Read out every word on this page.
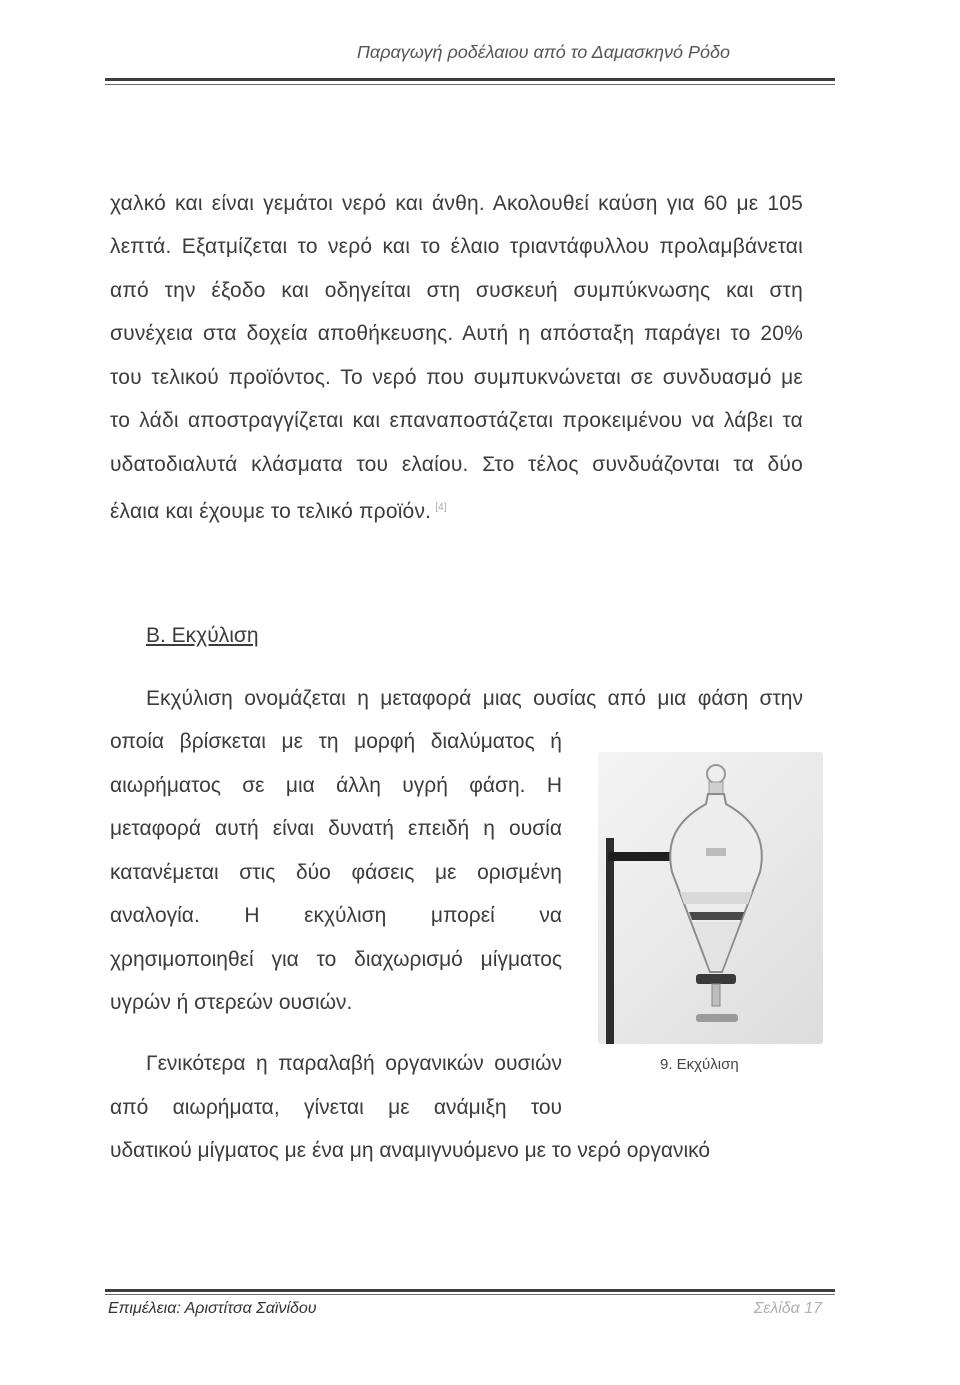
Παραγωγή ροδέλαιου από το Δαμασκηνό Ρόδο
χαλκό και είναι γεμάτοι νερό και άνθη. Ακολουθεί καύση για 60 με 105
λεπτά. Εξατμίζεται το νερό και το έλαιο τριαντάφυλλου προλαμβάνεται
από την έξοδο και οδηγείται στη συσκευή συμπύκνωσης και στη
συνέχεια στα δοχεία αποθήκευσης. Αυτή η απόσταξη παράγει το 20%
του τελικού προϊόντος. Το νερό που συμπυκνώνεται σε συνδυασμό με
το λάδι αποστραγγίζεται και επαναποστάζεται προκειμένου να λάβει τα
υδατοδιαλυτά κλάσματα του ελαίου. Στο τέλος συνδυάζονται τα δύο
έλαια και έχουμε το τελικό προϊόν. [4]
Β. Εκχύλιση
Εκχύλιση ονομάζεται η μεταφορά μιας ουσίας από μια φάση στην
οποία βρίσκεται με τη μορφή διαλύματος ή
αιωρήματος σε μια άλλη υγρή φάση. Η
μεταφορά αυτή είναι δυνατή επειδή η ουσία
κατανέμεται στις δύο φάσεις με ορισμένη
αναλογία. Η εκχύλιση μπορεί να
χρησιμοποιηθεί για το διαχωρισμό μίγματος
υγρών ή στερεών ουσιών.
9. Εκχύλιση
Γενικότερα η παραλαβή οργανικών ουσιών
από αιωρήματα, γίνεται με ανάμιξη του
υδατικού μίγματος με ένα μη αναμιγνυόμενο με το νερό οργανικό
Επιμέλεια: Αριστίτσα Σαϊνίδου	Σελίδα 17
